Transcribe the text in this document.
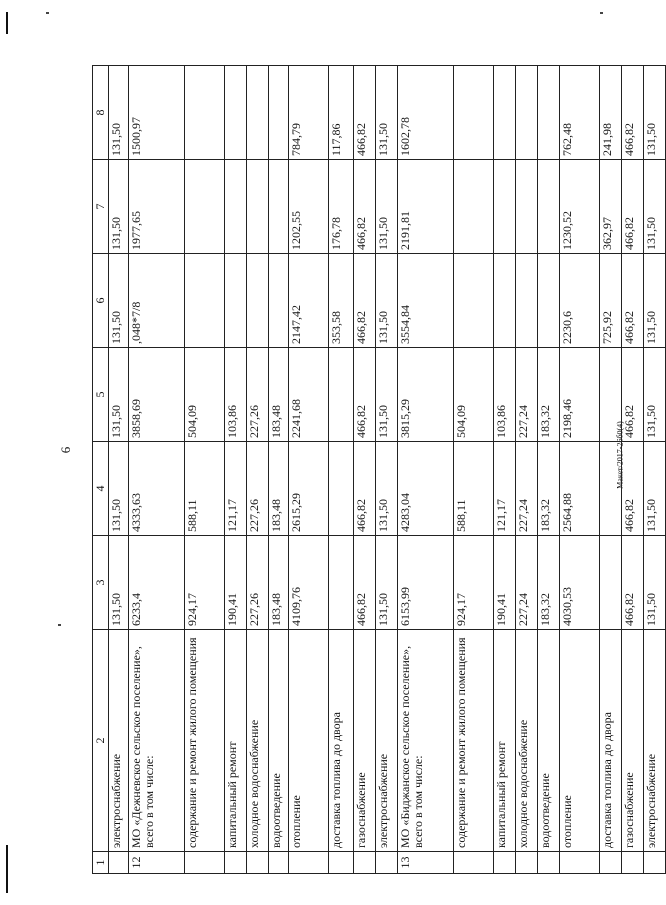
6	Макет/2017-26б0(4)
1	2	3	4	5	6	7	8
	электроснабжение	131,50	131,50	131,50	131,50	131,50	131,50
12	МО «Дежневское сельское поселение», всего в том числе:	6233,4	4333,63	3858,69	,048*7/8	1977,65	1500,97
	содержание и ремонт жилого помещения	924,17	588,11	504,09			
	капитальный ремонт	190,41	121,17	103,86			
	холодное водоснабжение	227,26	227,26	227,26			
	водоотведение	183,48	183,48	183,48			
	отопление	4109,76	2615,29	2241,68	2147,42	1202,55	784,79
	доставка топлива до двора				353,58	176,78	117,86
	газоснабжение	466,82	466,82	466,82	466,82	466,82	466,82
	электроснабжение	131,50	131,50	131,50	131,50	131,50	131,50
13	МО «Биджанское сельское поселение», всего в том числе:	6153,99	4283,04	3815,29	3554,84	2191,81	1602,78
	содержание и ремонт жилого помещения	924,17	588,11	504,09			
	капитальный ремонт	190,41	121,17	103,86			
	холодное водоснабжение	227,24	227,24	227,24			
	водоотведение	183,32	183,32	183,32			
	отопление	4030,53	2564,88	2198,46	2230,6	1230,52	762,48
	доставка топлива до двора				725,92	362,97	241,98
	газоснабжение	466,82	466,82	466,82	466,82	466,82	466,82
	электроснабжение	131,50	131,50	131,50	131,50	131,50	131,50
